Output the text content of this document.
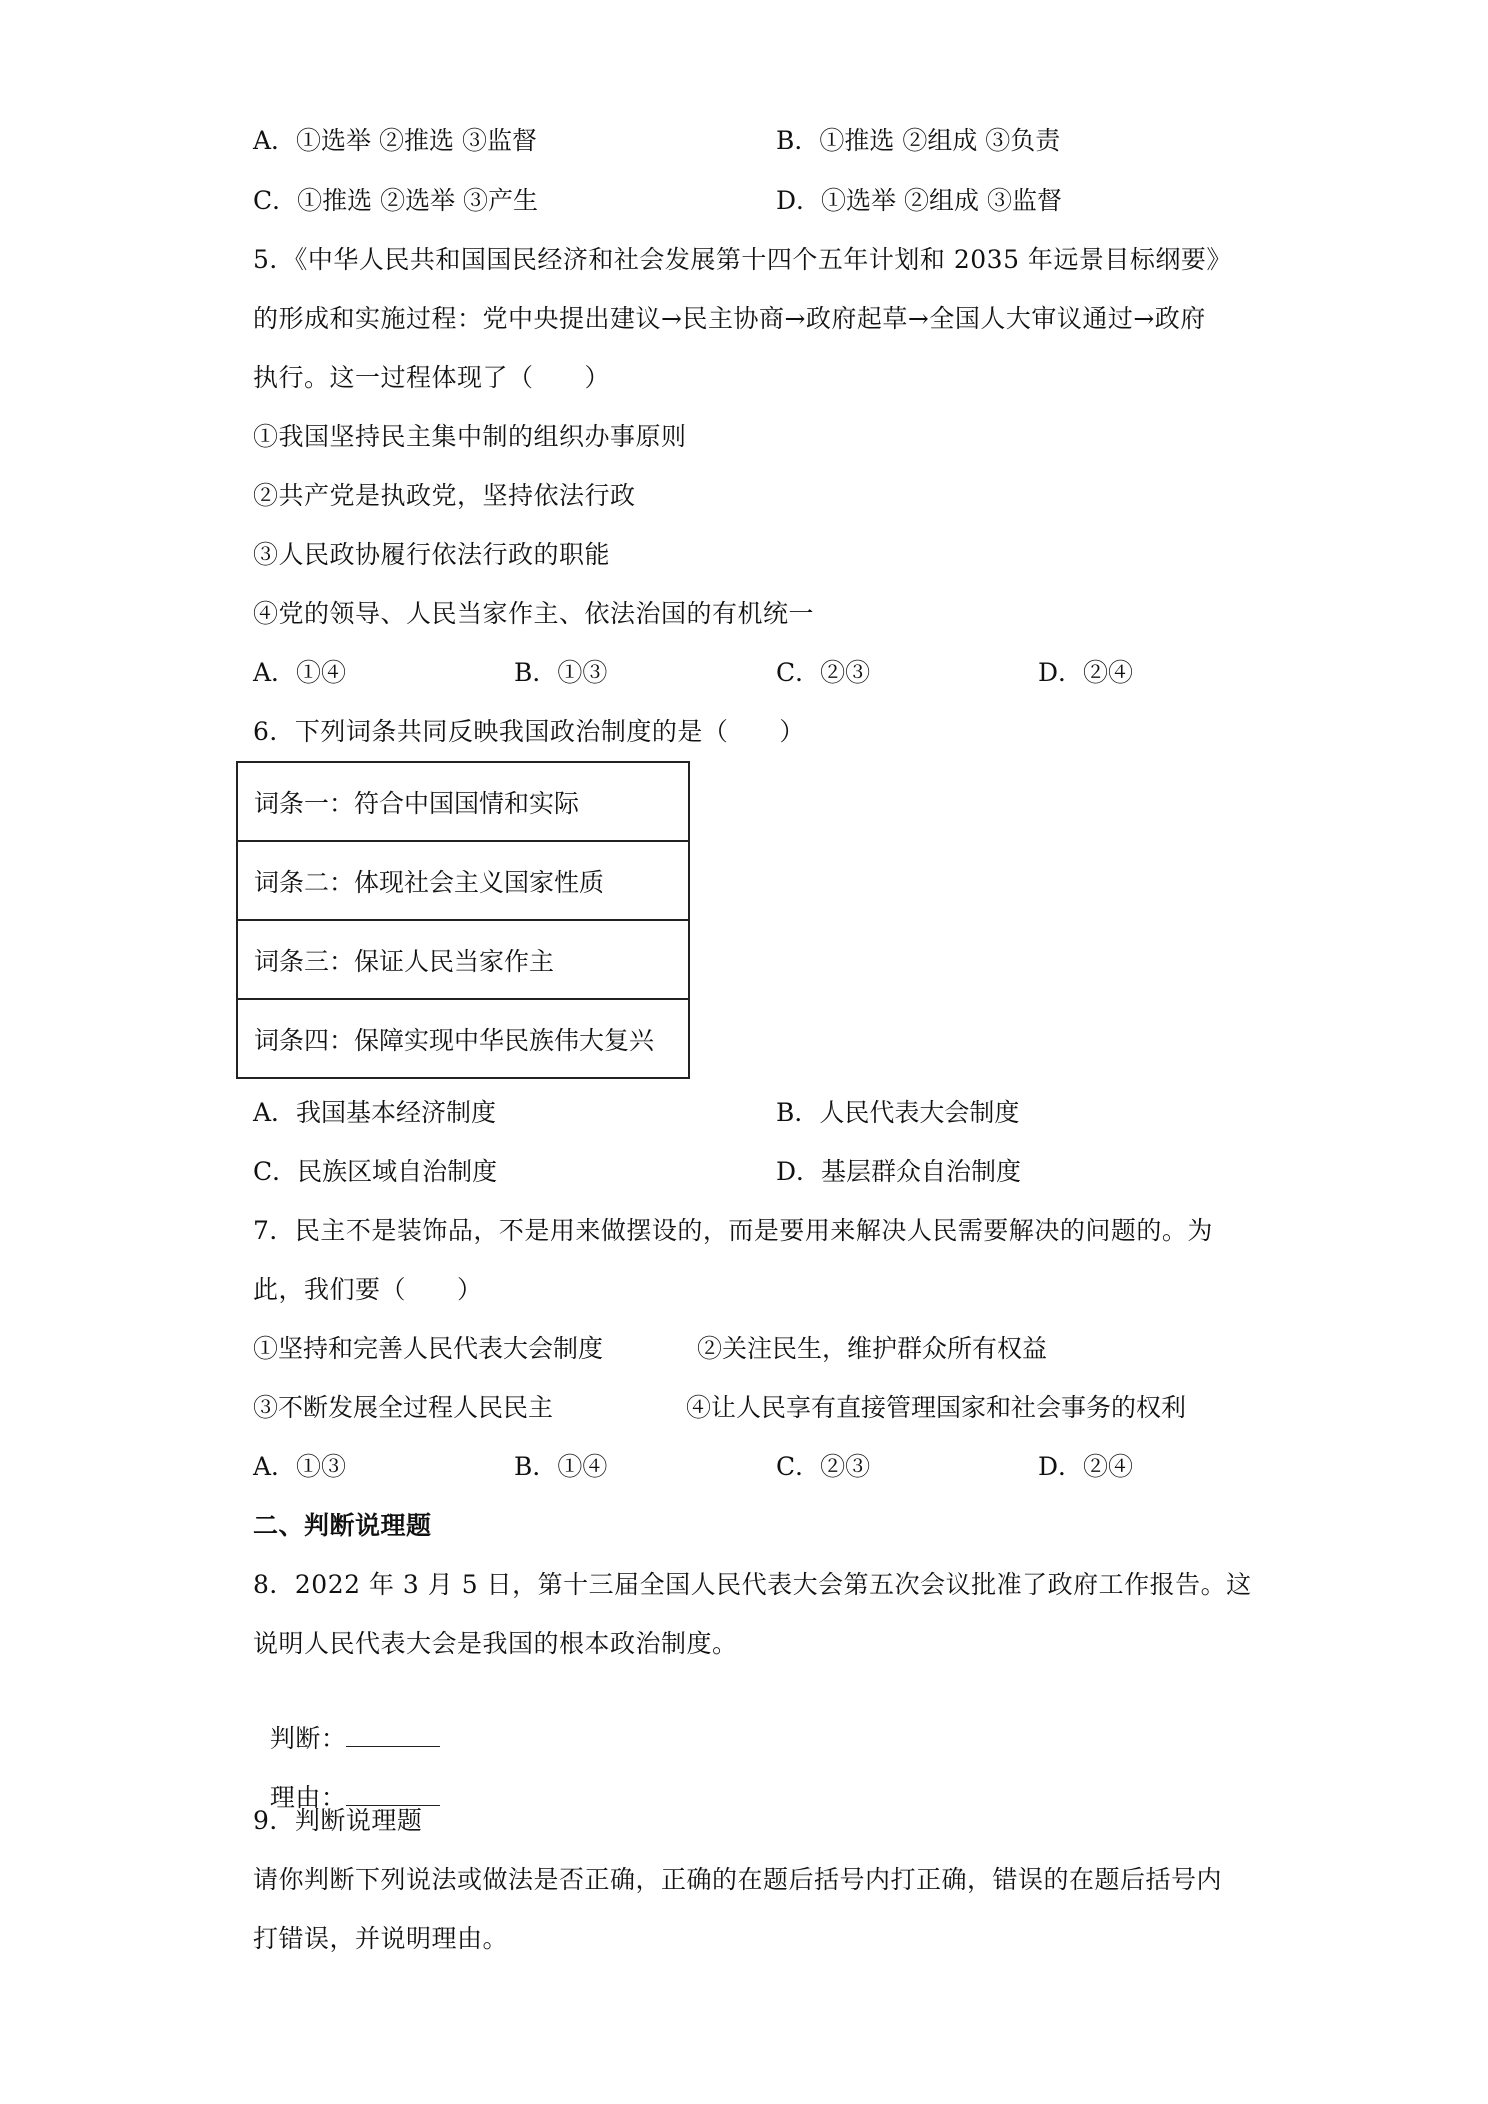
A．①选举 ②推选 ③监督	B．①推选 ②组成 ③负责
C．①推选 ②选举 ③产生	D．①选举 ②组成 ③监督
5．《中华人民共和国国民经济和社会发展第十四个五年计划和 2035 年远景目标纲要》
的形成和实施过程：党中央提出建议→民主协商→政府起草→全国人大审议通过→政府
执行。这一过程体现了（　　）
①我国坚持民主集中制的组织办事原则
②共产党是执政党，坚持依法行政
③人民政协履行依法行政的职能
④党的领导、人民当家作主、依法治国的有机统一
A．①④	B．①③	C．②③	D．②④
6．下列词条共同反映我国政治制度的是（　　）
词条一：符合中国国情和实际
词条二：体现社会主义国家性质
词条三：保证人民当家作主
词条四：保障实现中华民族伟大复兴
A．我国基本经济制度	B．人民代表大会制度
C．民族区域自治制度	D．基层群众自治制度
7．民主不是装饰品，不是用来做摆设的，而是要用来解决人民需要解决的问题的。为
此，我们要（　　）
①坚持和完善人民代表大会制度	②关注民生，维护群众所有权益
③不断发展全过程人民民主	④让人民享有直接管理国家和社会事务的权利
A．①③	B．①④	C．②③	D．②④
二、判断说理题
8．2022 年 3 月 5 日，第十三届全国人民代表大会第五次会议批准了政府工作报告。这
说明人民代表大会是我国的根本政治制度。

判断：

理由：

9．判断说理题
请你判断下列说法或做法是否正确，正确的在题后括号内打正确，错误的在题后括号内
打错误，并说明理由。
